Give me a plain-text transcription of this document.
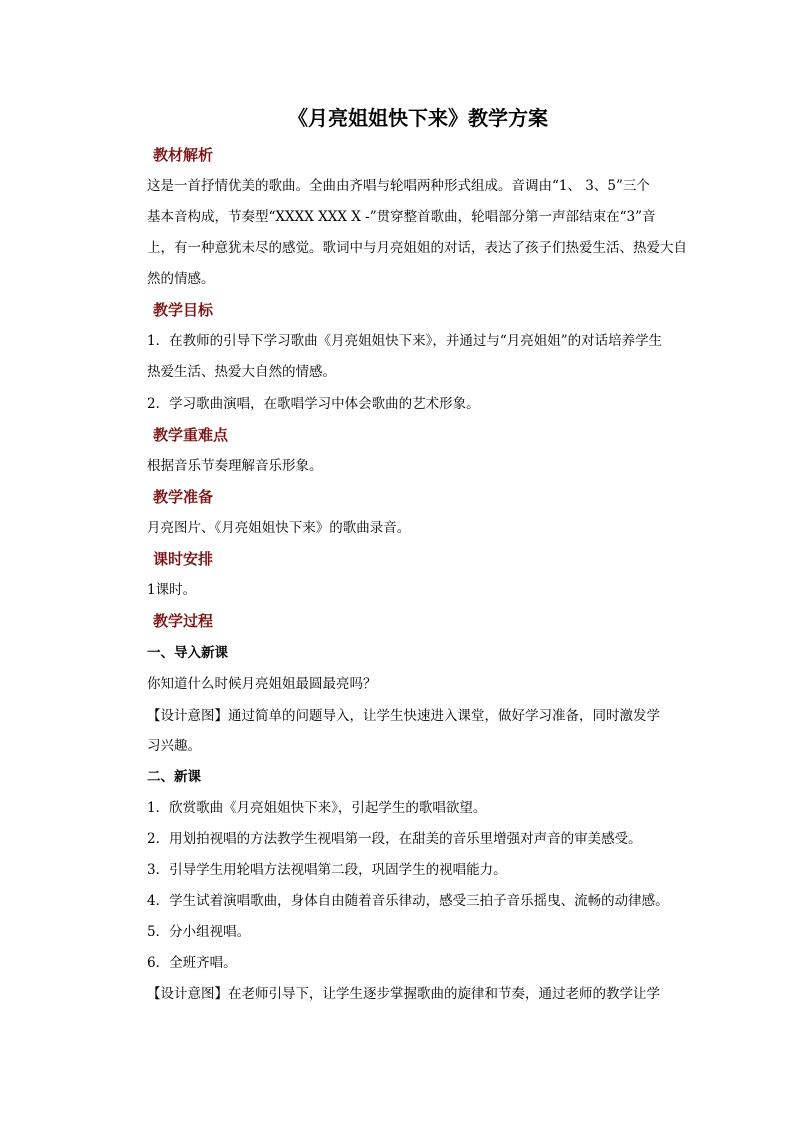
《月亮姐姐快下来》教学方案
教材解析
这是一首抒情优美的歌曲。全曲由齐唱与轮唱两种形式组成。音调由“1、 3、5”三个
基本音构成，节奏型“XXXX XXX X -”贯穿整首歌曲，轮唱部分第一声部结束在“3”音
上，有一种意犹未尽的感觉。歌词中与月亮姐姐的对话，表达了孩子们热爱生活、热爱大自
然的情感。
教学目标
1．在教师的引导下学习歌曲《月亮姐姐快下来》，并通过与“月亮姐姐”的对话培养学生
热爱生活、热爱大自然的情感。
2．学习歌曲演唱，在歌唱学习中体会歌曲的艺术形象。
教学重难点
根据音乐节奏理解音乐形象。
教学准备
月亮图片、《月亮姐姐快下来》的歌曲录音。
课时安排
1课时。
教学过程
一、导入新课
你知道什么时候月亮姐姐最圆最亮吗？
【设计意图】通过简单的问题导入，让学生快速进入课堂，做好学习准备，同时激发学
习兴趣。
二、新课
1．欣赏歌曲《月亮姐姐快下来》，引起学生的歌唱欲望。
2．用划拍视唱的方法教学生视唱第一段，在甜美的音乐里增强对声音的审美感受。
3．引导学生用轮唱方法视唱第二段，巩固学生的视唱能力。
4．学生试着演唱歌曲，身体自由随着音乐律动，感受三拍子音乐摇曳、流畅的动律感。
5．分小组视唱。
6．全班齐唱。
【设计意图】在老师引导下，让学生逐步掌握歌曲的旋律和节奏，通过老师的教学让学
